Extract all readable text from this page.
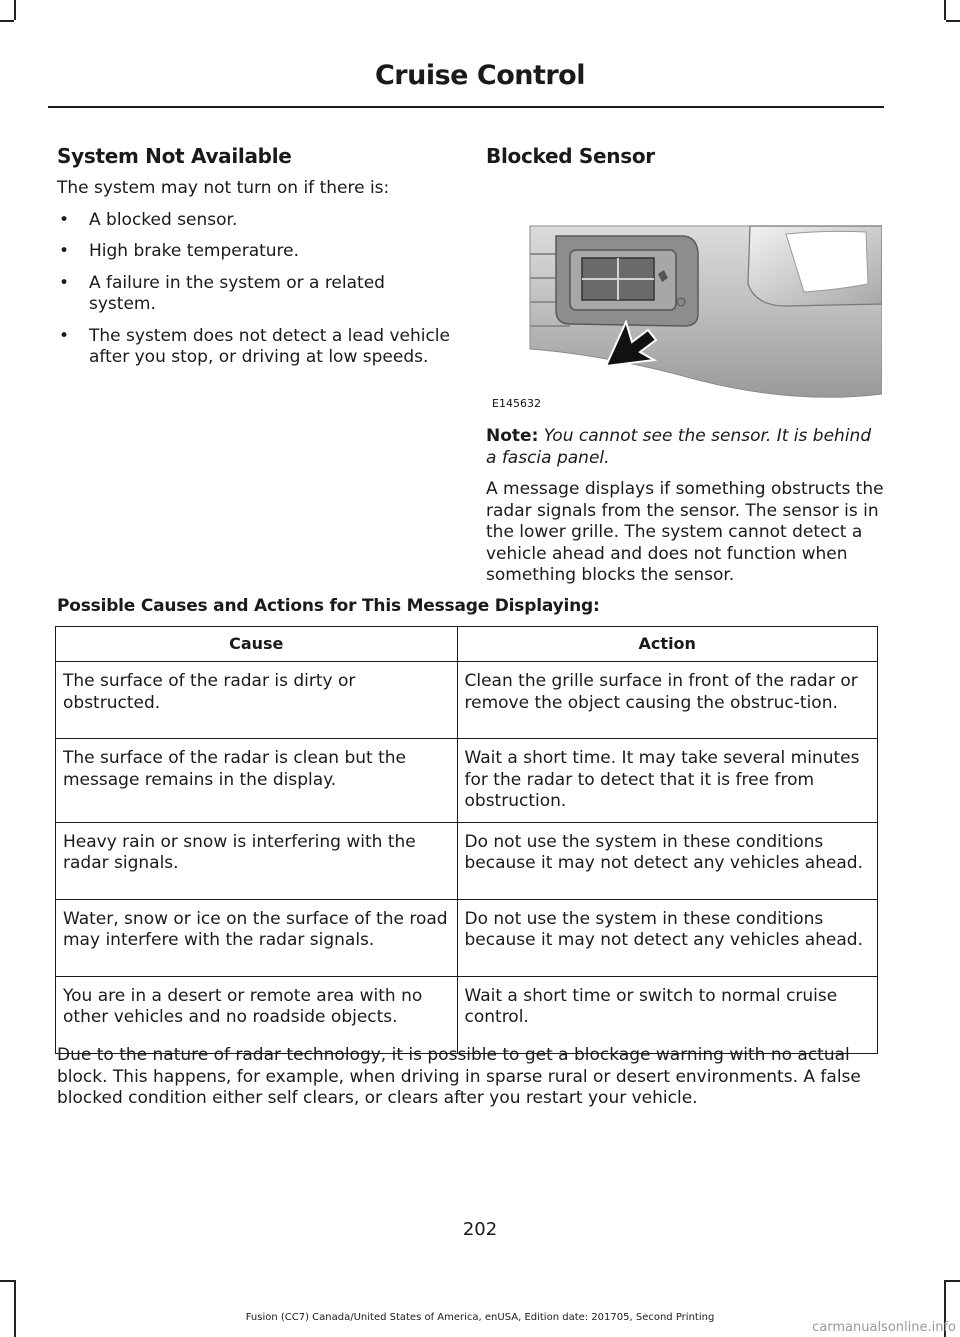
Cruise Control
System Not Available

The system may not turn on if there is:

• A blocked sensor.
• High brake temperature.
• A failure in the system or a related system.
• The system does not detect a lead vehicle after you stop, or driving at low speeds.
Blocked Sensor
E145632

Note: You cannot see the sensor. It is behind a fascia panel.

A message displays if something obstructs the radar signals from the sensor. The sensor is in the lower grille. The system cannot detect a vehicle ahead and does not function when something blocks the sensor.

Possible Causes and Actions for This Message Displaying:
Cause	Action
The surface of the radar is dirty or obstructed.	Clean the grille surface in front of the radar or remove the object causing the obstruc-tion.
The surface of the radar is clean but the message remains in the display.	Wait a short time. It may take several minutes for the radar to detect that it is free from obstruction.
Heavy rain or snow is interfering with the radar signals.	Do not use the system in these conditions because it may not detect any vehicles ahead.
Water, snow or ice on the surface of the road may interfere with the radar signals.	Do not use the system in these conditions because it may not detect any vehicles ahead.
You are in a desert or remote area with no other vehicles and no roadside objects.	Wait a short time or switch to normal cruise control.
Due to the nature of radar technology, it is possible to get a blockage warning with no actual block. This happens, for example, when driving in sparse rural or desert environments. A false blocked condition either self clears, or clears after you restart your vehicle.
202
Fusion (CC7) Canada/United States of America, enUSA, Edition date: 201705, Second Printing
carmanualsonline.info
